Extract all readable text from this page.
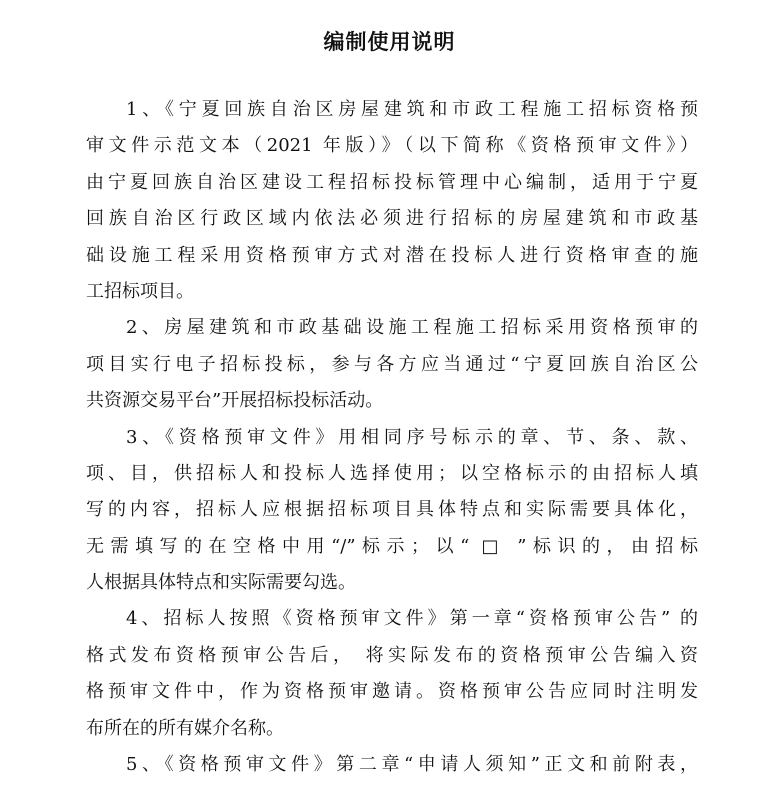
编制使用说明
1、《宁夏回族自治区房屋建筑和市政工程施工招标资格预
审文件示范文本（2021 年版）》（以下简称《资格预审文件》）
由宁夏回族自治区建设工程招标投标管理中心编制，适用于宁夏
回族自治区行政区域内依法必须进行招标的房屋建筑和市政基
础设施工程采用资格预审方式对潜在投标人进行资格审查的施
工招标项目。
2、房屋建筑和市政基础设施工程施工招标采用资格预审的
项目实行电子招标投标，参与各方应当通过“宁夏回族自治区公
共资源交易平台”开展招标投标活动。
3、《资格预审文件》用相同序号标示的章、节、条、款、
项、目，供招标人和投标人选择使用；以空格标示的由招标人填
写的内容，招标人应根据招标项目具体特点和实际需要具体化，
无需填写的在空格中用“/”标示；以“ □ ”标识的，由招标
人根据具体特点和实际需要勾选。
4、招标人按照《资格预审文件》第一章“资格预审公告” 的
格式发布资格预审公告后， 将实际发布的资格预审公告编入资
格预审文件中，作为资格预审邀请。资格预审公告应同时注明发
布所在的所有媒介名称。
5、《资格预审文件》第二章“申请人须知”正文和前附表，
